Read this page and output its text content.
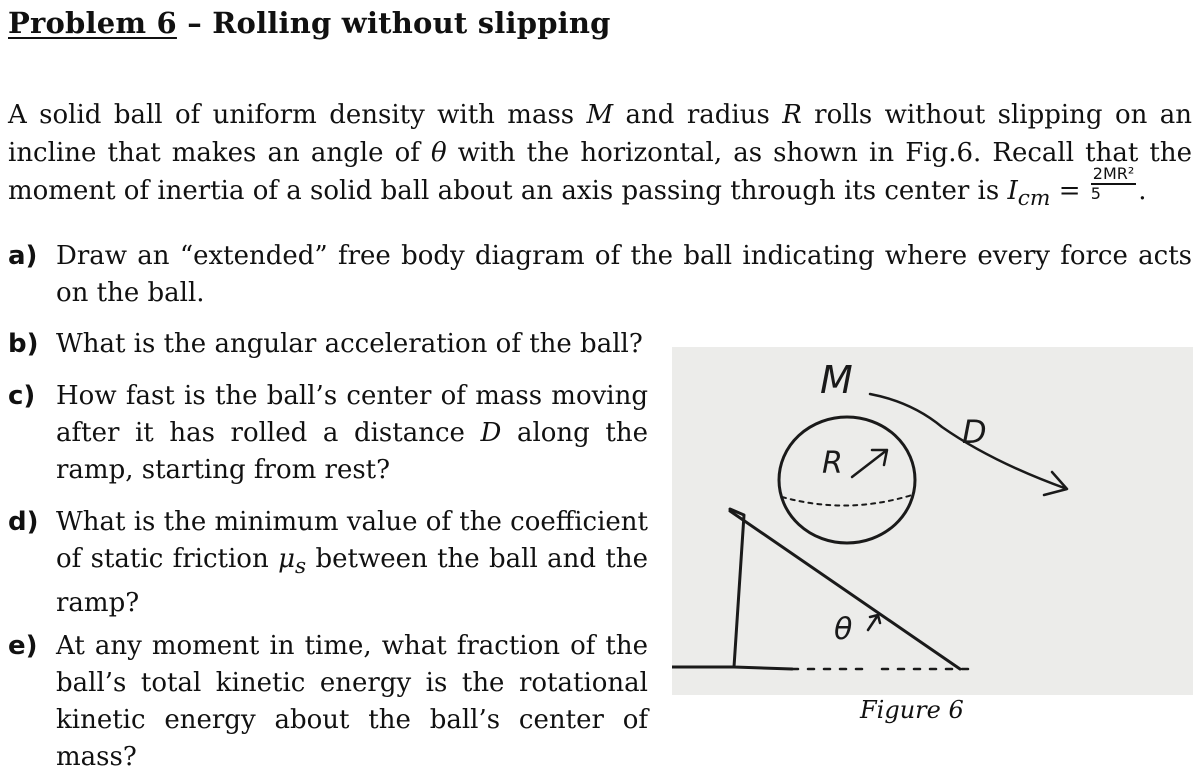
Problem 6 – Rolling without slipping

A solid ball of uniform density with mass M and radius R rolls without slipping on an incline that makes an angle of θ with the horizontal, as shown in Fig.6. Recall that the moment of inertia of a solid ball about an axis passing through its center is $I_{cm} = \frac{\text{2MR²}}{5}$ .

a) Draw an “extended” free body diagram of the ball indicating where every force acts on the ball.
b) What is the angular acceleration of the ball?
c) How fast is the ball’s center of mass moving after it has rolled a distance D along the ramp, starting from rest?
d) What is the minimum value of the coefficient of static friction $\mu_s$ between the ball and the ramp?
e) At any moment in time, what fraction of the ball’s total kinetic energy is the rotational kinetic energy about the ball’s center of mass?
M
R
D
θ

Figure 6
